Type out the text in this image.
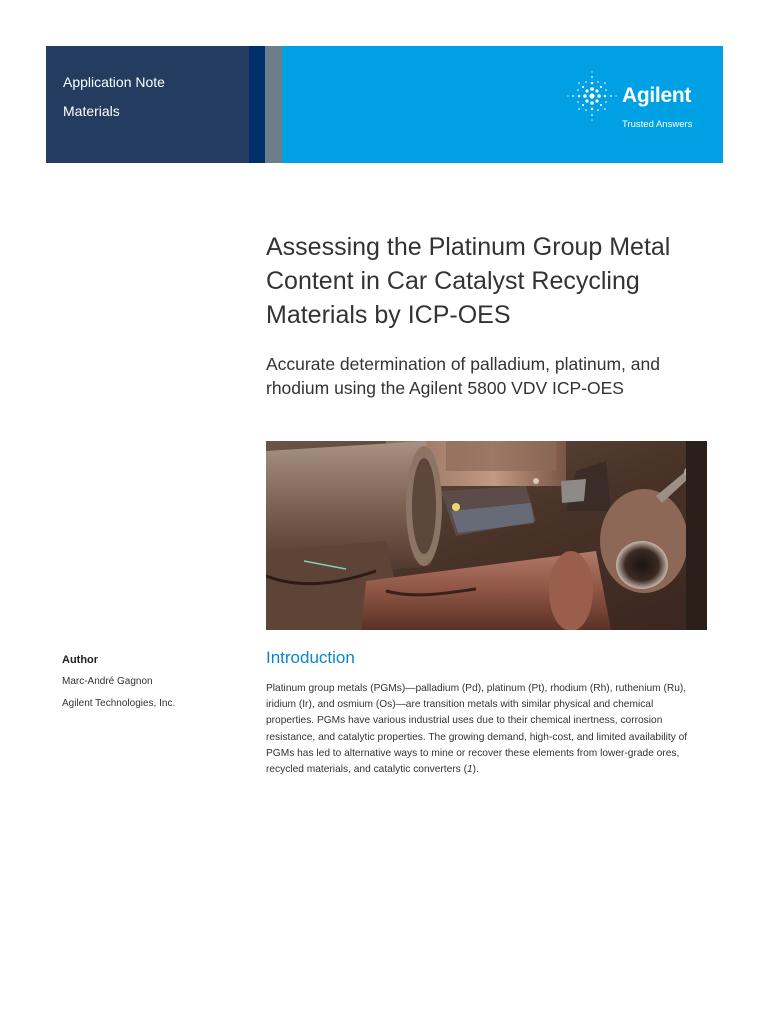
Application Note
Materials
Agilent
Trusted Answers
Assessing the Platinum Group Metal Content in Car Catalyst Recycling Materials by ICP-OES
Accurate determination of palladium, platinum, and rhodium using the Agilent 5800 VDV ICP-OES
Author
Marc-André Gagnon
Agilent Technologies, Inc.
Introduction

Platinum group metals (PGMs)—palladium (Pd), platinum (Pt), rhodium (Rh), ruthenium (Ru), iridium (Ir), and osmium (Os)—are transition metals with similar physical and chemical properties. PGMs have various industrial uses due to their chemical inertness, corrosion resistance, and catalytic properties. The growing demand, high-cost, and limited availability of PGMs has led to alternative ways to mine or recover these elements from lower-grade ores, recycled materials, and catalytic converters (1).
